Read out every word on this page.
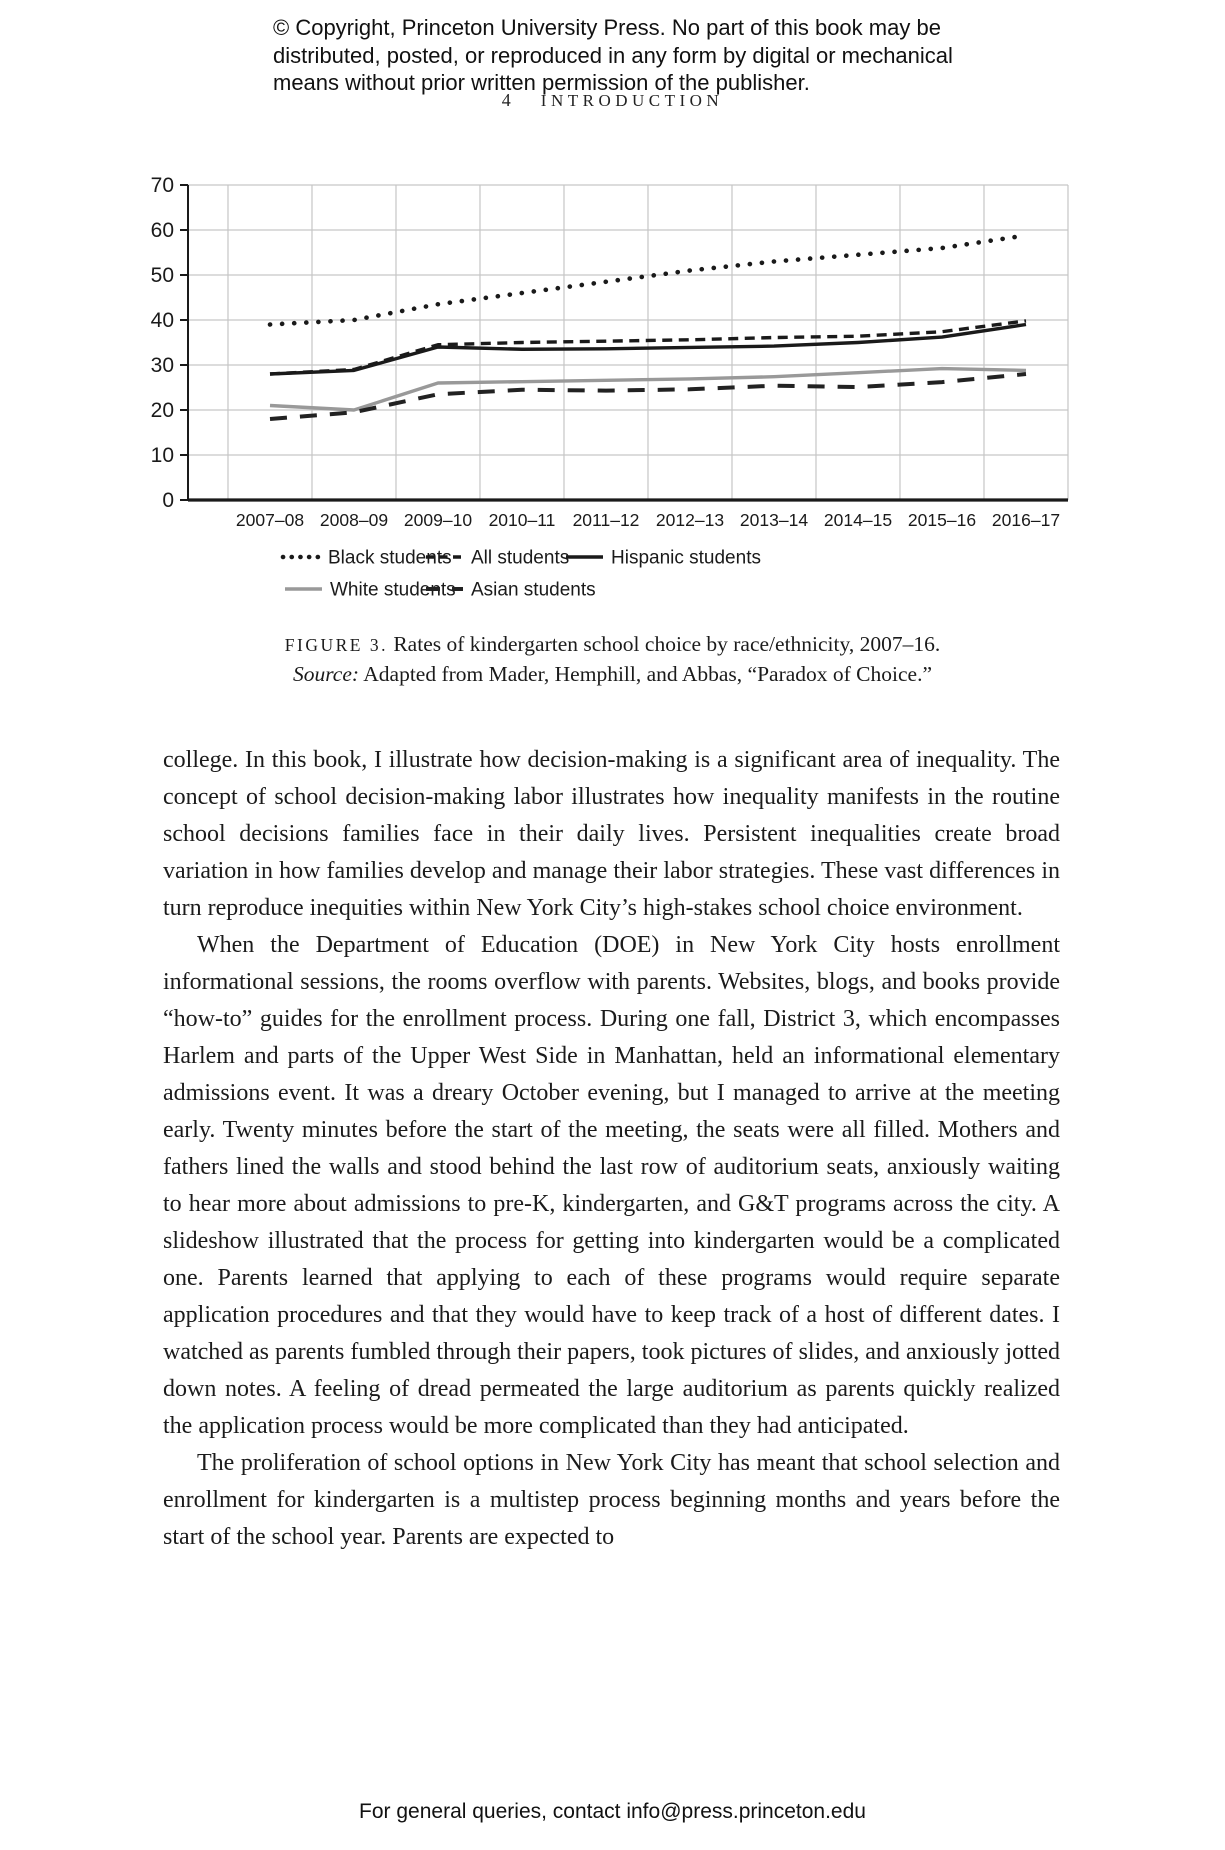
© Copyright, Princeton University Press. No part of this book may be
distributed, posted, or reproduced in any form by digital or mechanical
means without prior written permission of the publisher.
4 INTRODUCTION
0
10
20
30
40
50
60
70
2007–08 2008–09 2009–10 2010–11 2011–12 2012–13 2013–14 2014–15 2015–16 2016–17
Black students All students Hispanic students
White students Asian students
FIGURE 3. Rates of kindergarten school choice by race/ethnicity, 2007–16.
Source: Adapted from Mader, Hemphill, and Abbas, “Paradox of Choice.”

college. In this book, I illustrate how decision-making is a significant area of inequality. The concept of school decision-making labor illustrates how inequality manifests in the routine school decisions families face in their daily lives. Persistent inequalities create broad variation in how families develop and manage their labor strategies. These vast differences in turn reproduce inequities within New York City’s high-stakes school choice environment.

When the Department of Education (DOE) in New York City hosts enrollment informational sessions, the rooms overflow with parents. Websites, blogs, and books provide “how-to” guides for the enrollment process. During one fall, District 3, which encompasses Harlem and parts of the Upper West Side in Manhattan, held an informational elementary admissions event. It was a dreary October evening, but I managed to arrive at the meeting early. Twenty minutes before the start of the meeting, the seats were all filled. Mothers and fathers lined the walls and stood behind the last row of auditorium seats, anxiously waiting to hear more about admissions to pre-K, kindergarten, and G&T programs across the city. A slideshow illustrated that the process for getting into kindergarten would be a complicated one. Parents learned that applying to each of these programs would require separate application procedures and that they would have to keep track of a host of different dates. I watched as parents fumbled through their papers, took pictures of slides, and anxiously jotted down notes. A feeling of dread permeated the large auditorium as parents quickly realized the application process would be more complicated than they had anticipated.

The proliferation of school options in New York City has meant that school selection and enrollment for kindergarten is a multistep process beginning months and years before the start of the school year. Parents are expected to

For general queries, contact info@press.princeton.edu
